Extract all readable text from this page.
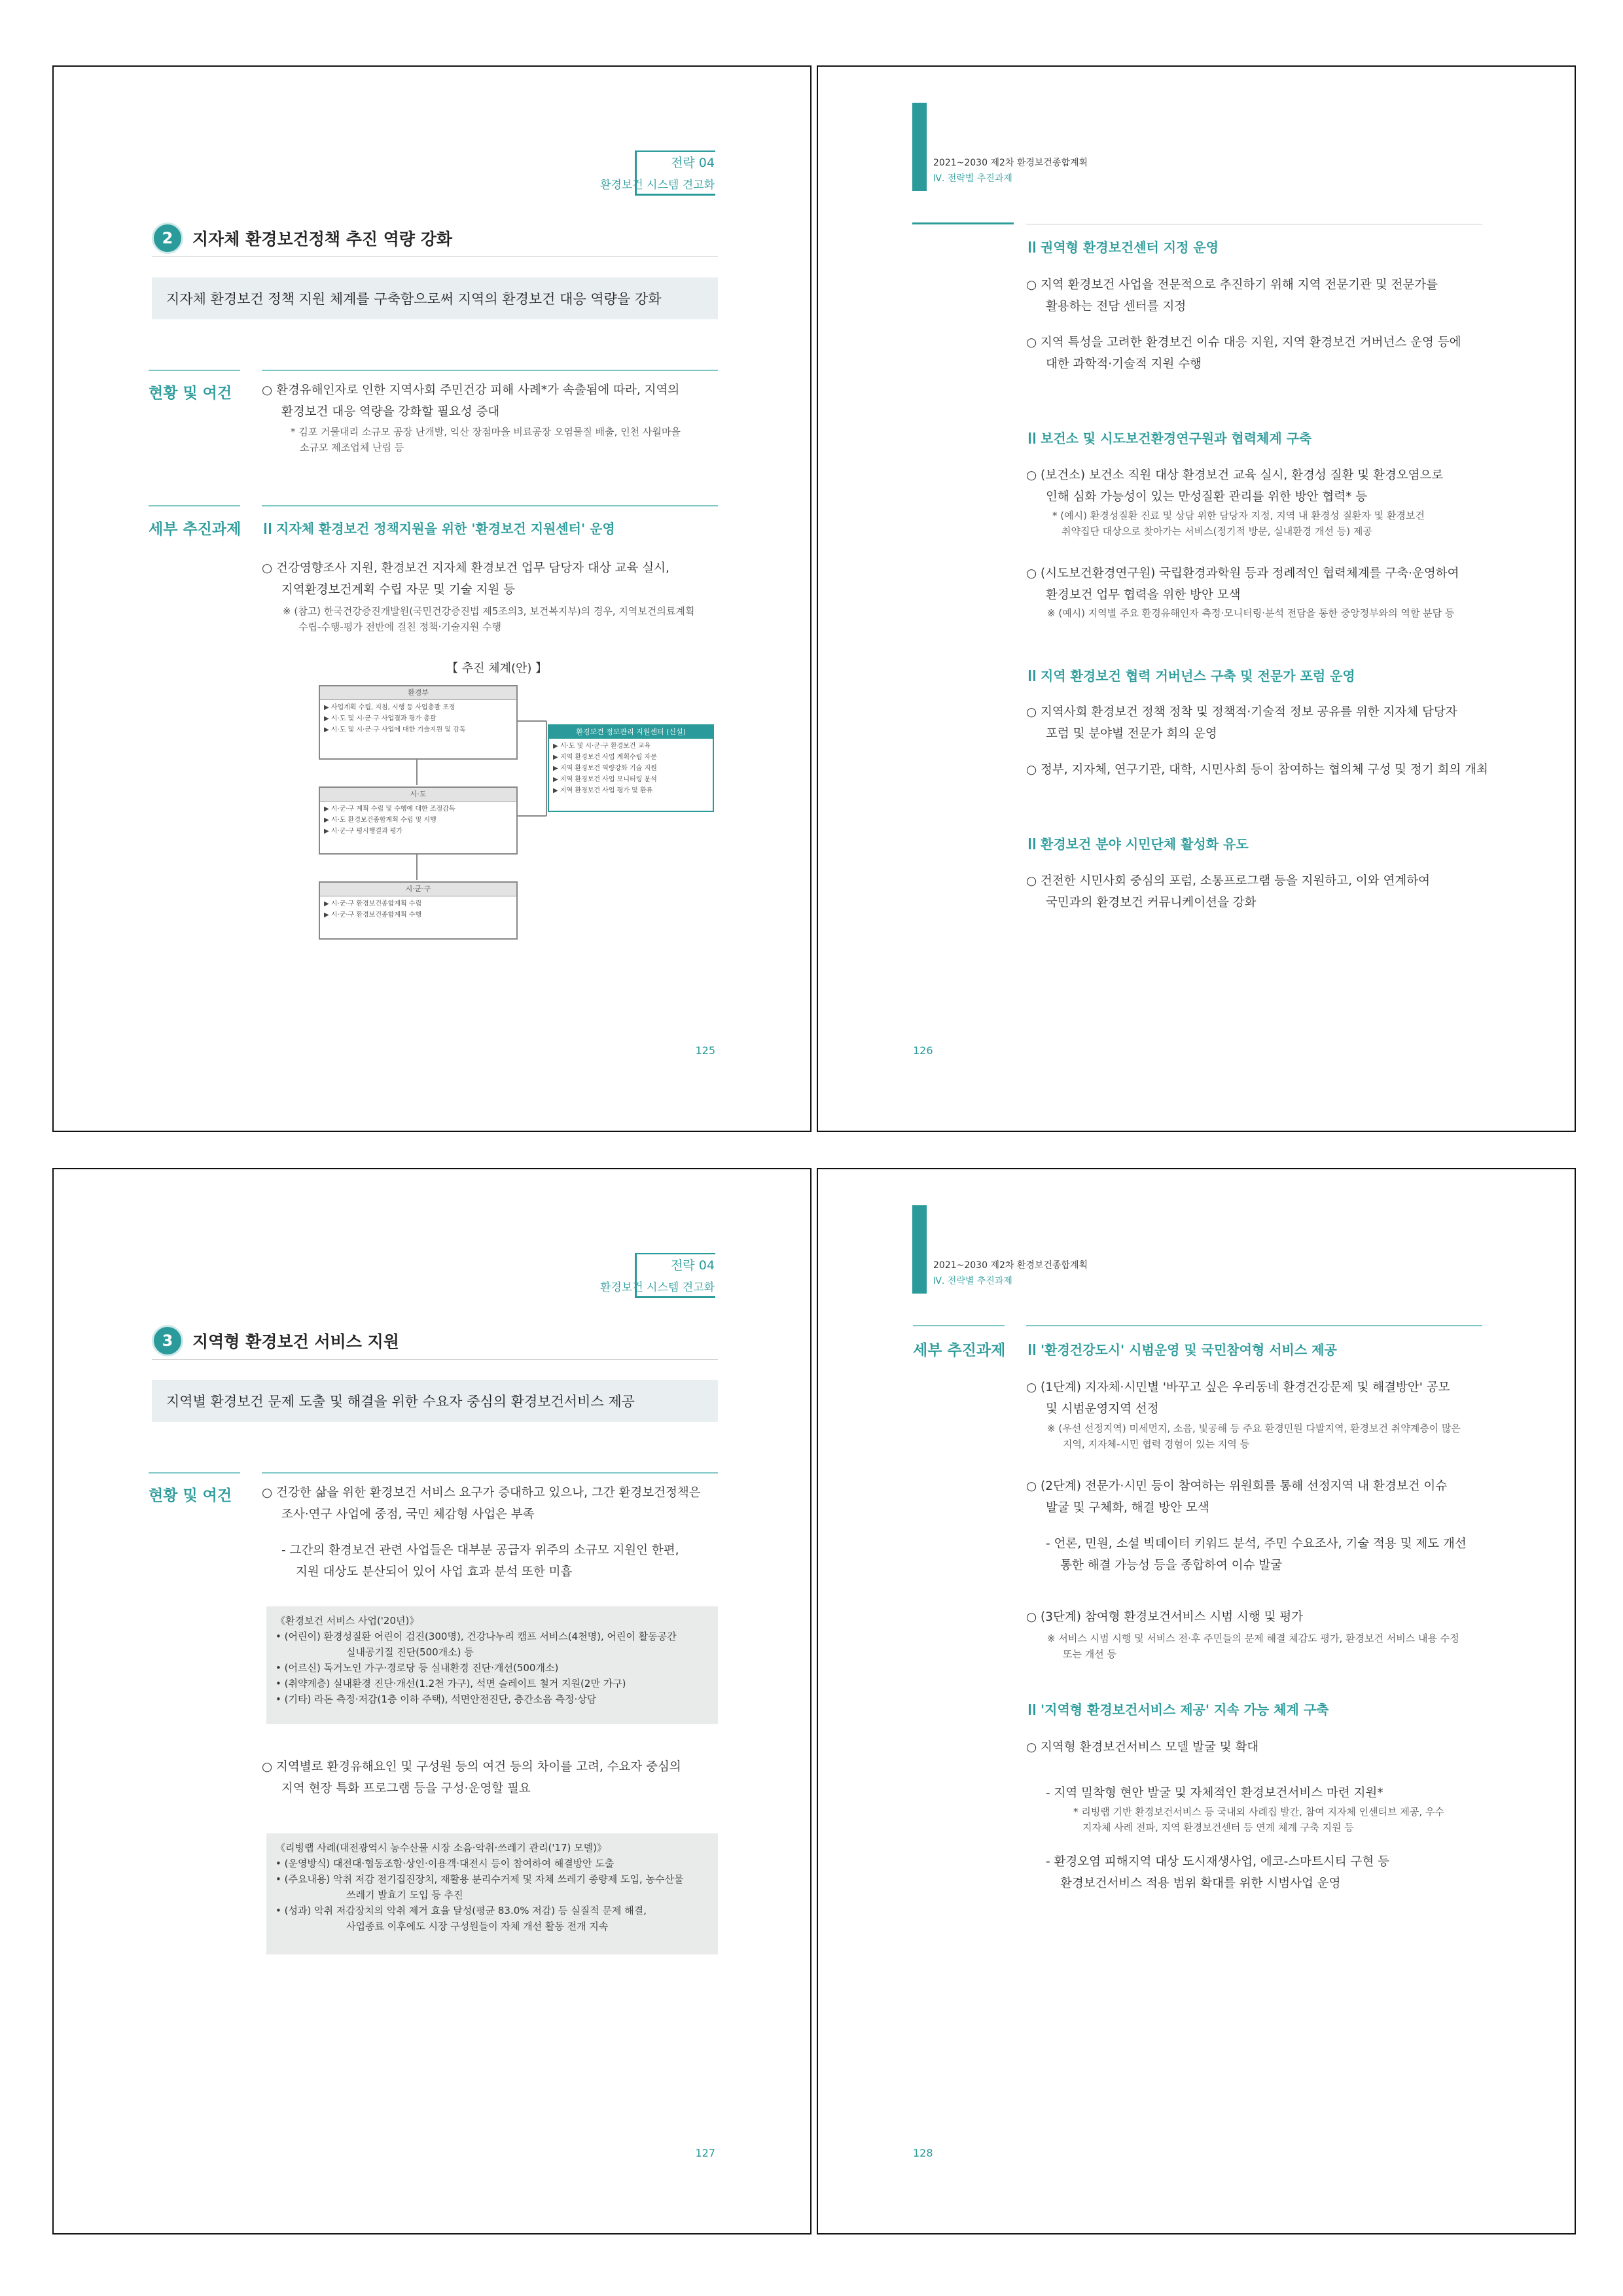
전략 04
환경보건 시스템 견고화
2	지자체 환경보건정책 추진 역량 강화
지자체 환경보건 정책 지원 체계를 구축함으로써 지역의 환경보건 대응 역량을 강화
현황 및 여건 ○ 환경유해인자로 인한 지역사회 주민건강 피해 사례*가 속출됨에 따라, 지역의
환경보건 대응 역량을 강화할 필요성 증대
* 김포 거물대리 소규모 공장 난개발, 익산 장점마을 비료공장 오염물질 배출, 인천 사월마을
소규모 제조업체 난립 등
세부 추진과제	지자체 환경보건 정책지원을 위한 '환경보건 지원센터' 운영
○ 건강영향조사 지원, 환경보건 지자체 환경보건 업무 담당자 대상 교육 실시,
지역환경보건계획 수립 자문 및 기술 지원 등
※ (참고) 한국건강증진개발원(국민건강증진법 제5조의3, 보건복지부)의 경우, 지역보건의료계획
수립-수행-평가 전반에 걸친 정책·기술지원 수행
【 추진 체계(안) 】
환경부
▶ 사업계획 수립, 지침, 시행 등 사업총괄 조정
▶ 시·도 및 시·군·구 사업결과 평가 총괄
▶ 시·도 및 시·군·구 사업에 대한 기술지원 및 감독	환경보건 정보관리 지원센터 (신설)
▶ 시·도 및 시·군·구 환경보건 교육
▶ 지역 환경보건 사업 계획수립 자문
▶ 지역 환경보건 역량강화 기술 지원
▶ 지역 환경보건 사업 모니터링 분석
▶ 지역 환경보건 사업 평가 및 환류
시·도
▶ 시·군·구 계획 수립 및 수행에 대한 조정감독
▶ 시·도 환경보건종합계획 수립 및 시행
▶ 시·군·구 평시행결과 평가
시·군·구
▶ 시·군·구 환경보건종합계획 수립
▶ 시·군·구 환경보건종합계획 수행
125
2021~2030 제2차 환경보건종합계획
Ⅳ. 전략별 추진과제
권역형 환경보건센터 지정 운영
○ 지역 환경보건 사업을 전문적으로 추진하기 위해 지역 전문기관 및 전문가를
활용하는 전담 센터를 지정
○ 지역 특성을 고려한 환경보건 이슈 대응 지원, 지역 환경보건 거버넌스 운영 등에
대한 과학적·기술적 지원 수행
보건소 및 시도보건환경연구원과 협력체계 구축
○ (보건소) 보건소 직원 대상 환경보건 교육 실시, 환경성 질환 및 환경오염으로
인해 심화 가능성이 있는 만성질환 관리를 위한 방안 협력* 등
* (예시) 환경성질환 진료 및 상담 위한 담당자 지정, 지역 내 환경성 질환자 및 환경보건
취약집단 대상으로 찾아가는 서비스(정기적 방문, 실내환경 개선 등) 제공
○ (시도보건환경연구원) 국립환경과학원 등과 정례적인 협력체계를 구축·운영하여
환경보건 업무 협력을 위한 방안 모색
※ (예시) 지역별 주요 환경유해인자 측정·모니터링·분석 전담을 통한 중앙정부와의 역할 분담 등
지역 환경보건 협력 거버넌스 구축 및 전문가 포럼 운영
○ 지역사회 환경보건 정책 정착 및 정책적·기술적 정보 공유를 위한 지자체 담당자
포럼 및 분야별 전문가 회의 운영
○ 정부, 지자체, 연구기관, 대학, 시민사회 등이 참여하는 협의체 구성 및 정기 회의 개최
환경보건 분야 시민단체 활성화 유도
○ 건전한 시민사회 중심의 포럼, 소통프로그램 등을 지원하고, 이와 연계하여
국민과의 환경보건 커뮤니케이션을 강화
126
전략 04
환경보건 시스템 견고화
3	지역형 환경보건 서비스 지원
지역별 환경보건 문제 도출 및 해결을 위한 수요자 중심의 환경보건서비스 제공
현황 및 여건 ○ 건강한 삶을 위한 환경보건 서비스 요구가 증대하고 있으나, 그간 환경보건정책은
조사·연구 사업에 중점, 국민 체감형 사업은 부족
- 그간의 환경보건 관련 사업들은 대부분 공급자 위주의 소규모 지원인 한편,
지원 대상도 분산되어 있어 사업 효과 분석 또한 미흡
《환경보건 서비스 사업('20년)》
• (어린이) 환경성질환 어린이 검진(300명), 건강나누리 캠프 서비스(4천명), 어린이 활동공간
실내공기질 진단(500개소) 등
• (어르신) 독거노인 가구·경로당 등 실내환경 진단·개선(500개소)
• (취약계층) 실내환경 진단·개선(1.2천 가구), 석면 슬레이트 철거 지원(2만 가구)
• (기타) 라돈 측정·저감(1층 이하 주택), 석면안전진단, 층간소음 측정·상담
○ 지역별로 환경유해요인 및 구성원 등의 여건 등의 차이를 고려, 수요자 중심의
지역 현장 특화 프로그램 등을 구성·운영할 필요
《리빙랩 사례(대전광역시 농수산물 시장 소음·악취·쓰레기 관리('17) 모델)》
• (운영방식) 대전대·협동조합·상인·이용객·대전시 등이 참여하여 해결방안 도출
• (주요내용) 악취 저감 전기집진장치, 재활용 분리수거제 및 자체 쓰레기 종량제 도입, 농수산물
쓰레기 발효기 도입 등 추진
• (성과) 악취 저감장치의 악취 제거 효율 달성(평균 83.0% 저감) 등 실질적 문제 해결,
사업종료 이후에도 시장 구성원들이 자체 개선 활동 전개 지속
127
2021~2030 제2차 환경보건종합계획
Ⅳ. 전략별 추진과제
세부 추진과제	'환경건강도시' 시범운영 및 국민참여형 서비스 제공
○ (1단계) 지자체·시민별 '바꾸고 싶은 우리동네 환경건강문제 및 해결방안' 공모
및 시범운영지역 선정
※ (우선 선정지역) 미세먼지, 소음, 빛공해 등 주요 환경민원 다발지역, 환경보건 취약계층이 많은
지역, 지자체-시민 협력 경험이 있는 지역 등
○ (2단계) 전문가·시민 등이 참여하는 위원회를 통해 선정지역 내 환경보건 이슈
발굴 및 구체화, 해결 방안 모색
- 언론, 민원, 소셜 빅데이터 키워드 분석, 주민 수요조사, 기술 적용 및 제도 개선
통한 해결 가능성 등을 종합하여 이슈 발굴
○ (3단계) 참여형 환경보건서비스 시범 시행 및 평가
※ 서비스 시범 시행 및 서비스 전·후 주민들의 문제 해결 체감도 평가, 환경보건 서비스 내용 수정
또는 개선 등
'지역형 환경보건서비스 제공' 지속 가능 체계 구축
○ 지역형 환경보건서비스 모델 발굴 및 확대
- 지역 밀착형 현안 발굴 및 자체적인 환경보건서비스 마련 지원*
* 리빙랩 기반 환경보건서비스 등 국내외 사례집 발간, 참여 지자체 인센티브 제공, 우수
지자체 사례 전파, 지역 환경보건센터 등 연계 체계 구축 지원 등
- 환경오염 피해지역 대상 도시재생사업, 에코-스마트시티 구현 등
환경보건서비스 적용 범위 확대를 위한 시범사업 운영
128
